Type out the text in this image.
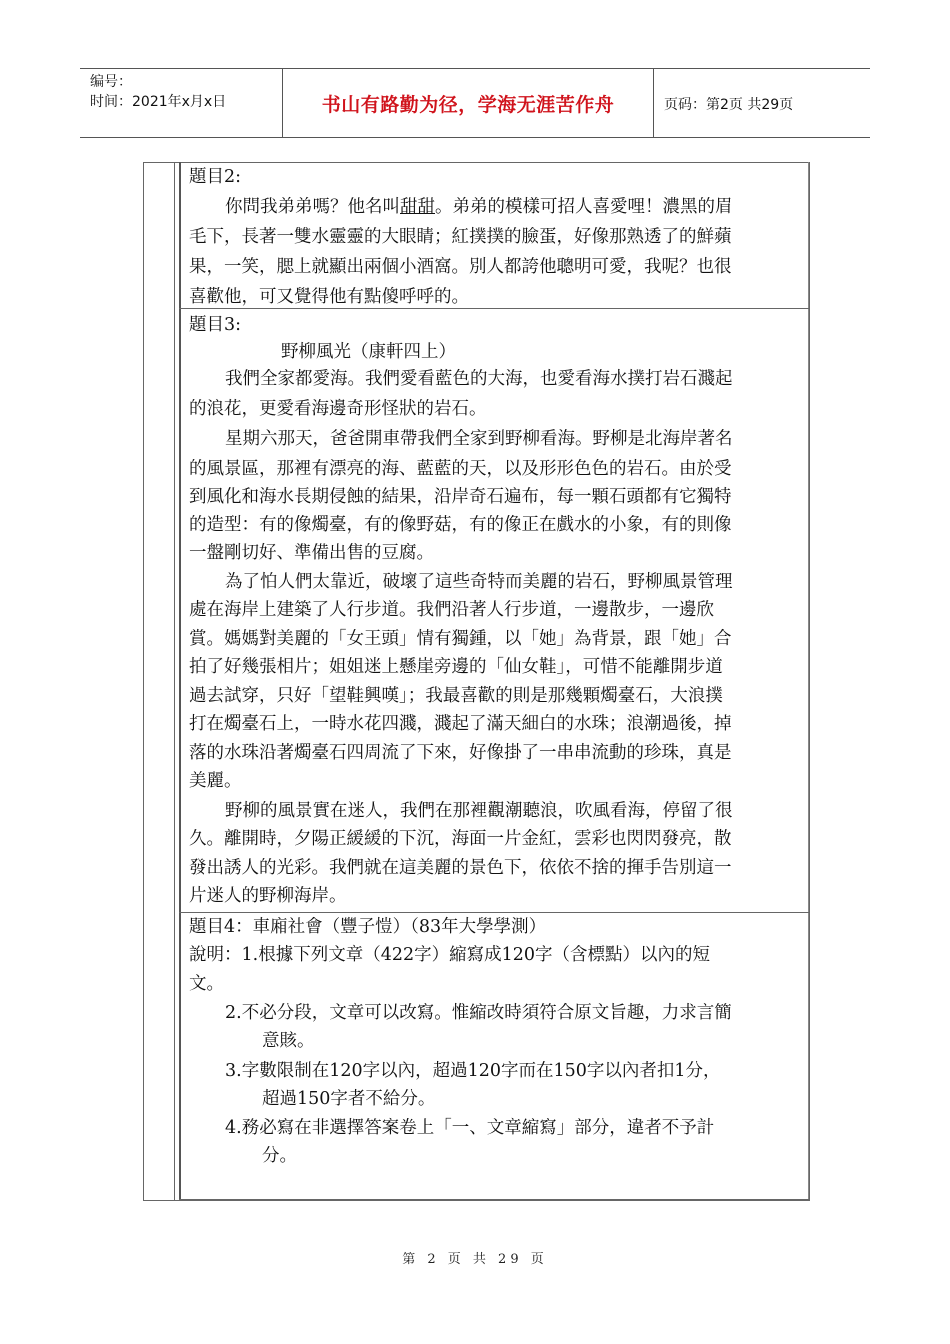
编号：
时间：2021年x月x日	书山有路勤为径，学海无涯苦作舟	页码：第2页 共29页
題目2:
你問我弟弟嗎？他名叫甜甜。弟弟的模樣可招人喜愛哩！濃黑的眉
毛下，長著一雙水靈靈的大眼睛；紅撲撲的臉蛋，好像那熟透了的鮮蘋
果，一笑，腮上就顯出兩個小酒窩。別人都誇他聰明可愛，我呢？也很
喜歡他，可又覺得他有點傻呼呼的。
題目3:
野柳風光（康軒四上）
我們全家都愛海。我們愛看藍色的大海，也愛看海水撲打岩石濺起
的浪花，更愛看海邊奇形怪狀的岩石。
星期六那天，爸爸開車帶我們全家到野柳看海。野柳是北海岸著名
的風景區，那裡有漂亮的海、藍藍的天，以及形形色色的岩石。由於受
到風化和海水長期侵蝕的結果，沿岸奇石遍布，每一顆石頭都有它獨特
的造型：有的像燭臺，有的像野菇，有的像正在戲水的小象，有的則像
一盤剛切好、準備出售的豆腐。
為了怕人們太靠近，破壞了這些奇特而美麗的岩石，野柳風景管理
處在海岸上建築了人行步道。我們沿著人行步道，一邊散步，一邊欣
賞。媽媽對美麗的「女王頭」情有獨鍾，以「她」為背景，跟「她」合
拍了好幾張相片；姐姐迷上懸崖旁邊的「仙女鞋」，可惜不能離開步道
過去試穿，只好「望鞋興嘆」；我最喜歡的則是那幾顆燭臺石，大浪撲
打在燭臺石上，一時水花四濺，濺起了滿天細白的水珠；浪潮過後，掉
落的水珠沿著燭臺石四周流了下來，好像掛了一串串流動的珍珠，真是
美麗。
野柳的風景實在迷人，我們在那裡觀潮聽浪，吹風看海，停留了很
久。離開時，夕陽正緩緩的下沉，海面一片金紅，雲彩也閃閃發亮，散
發出誘人的光彩。我們就在這美麗的景色下，依依不捨的揮手告別這一
片迷人的野柳海岸。
題目4：車廂社會（豐子愷）（83年大學學測）
說明：1.根據下列文章（422字）縮寫成120字（含標點）以內的短
文。
2.不必分段，文章可以改寫。惟縮改時須符合原文旨趣，力求言簡
意賅。
3.字數限制在120字以內，超過120字而在150字以內者扣1分，
超過150字者不給分。
4.務必寫在非選擇答案卷上「一、文章縮寫」部分，違者不予計
分。
第 2 页 共 29 页
